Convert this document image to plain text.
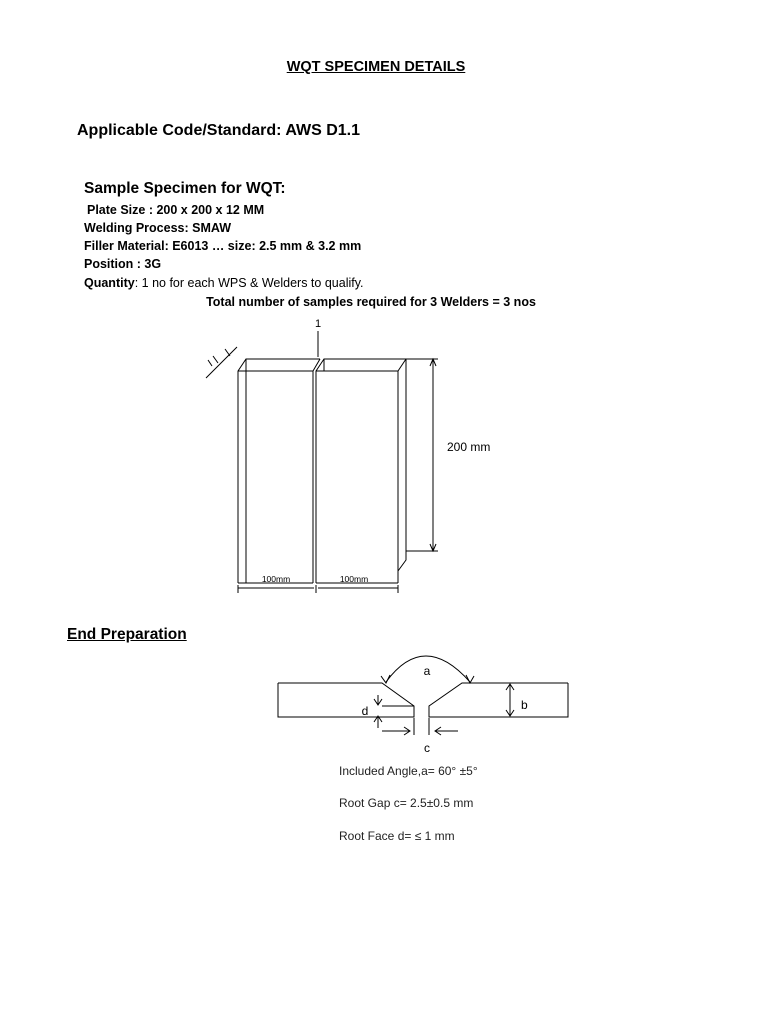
WQT SPECIMEN DETAILS
Applicable Code/Standard: AWS D1.1
Sample Specimen for WQT:
Plate Size : 200 x 200 x 12 MM
Welding Process: SMAW
Filler Material: E6013 … size: 2.5 mm & 3.2 mm
Position : 3G
Quantity: 1 no for each WPS & Welders to qualify.
Total number of samples required for 3 Welders = 3 nos
1
200 mm
100mm	100mm
End Preparation
a
b
c
d
Included Angle,a= 60° ±5°
Root Gap c= 2.5±0.5 mm
Root Face d= ≤ 1 mm
